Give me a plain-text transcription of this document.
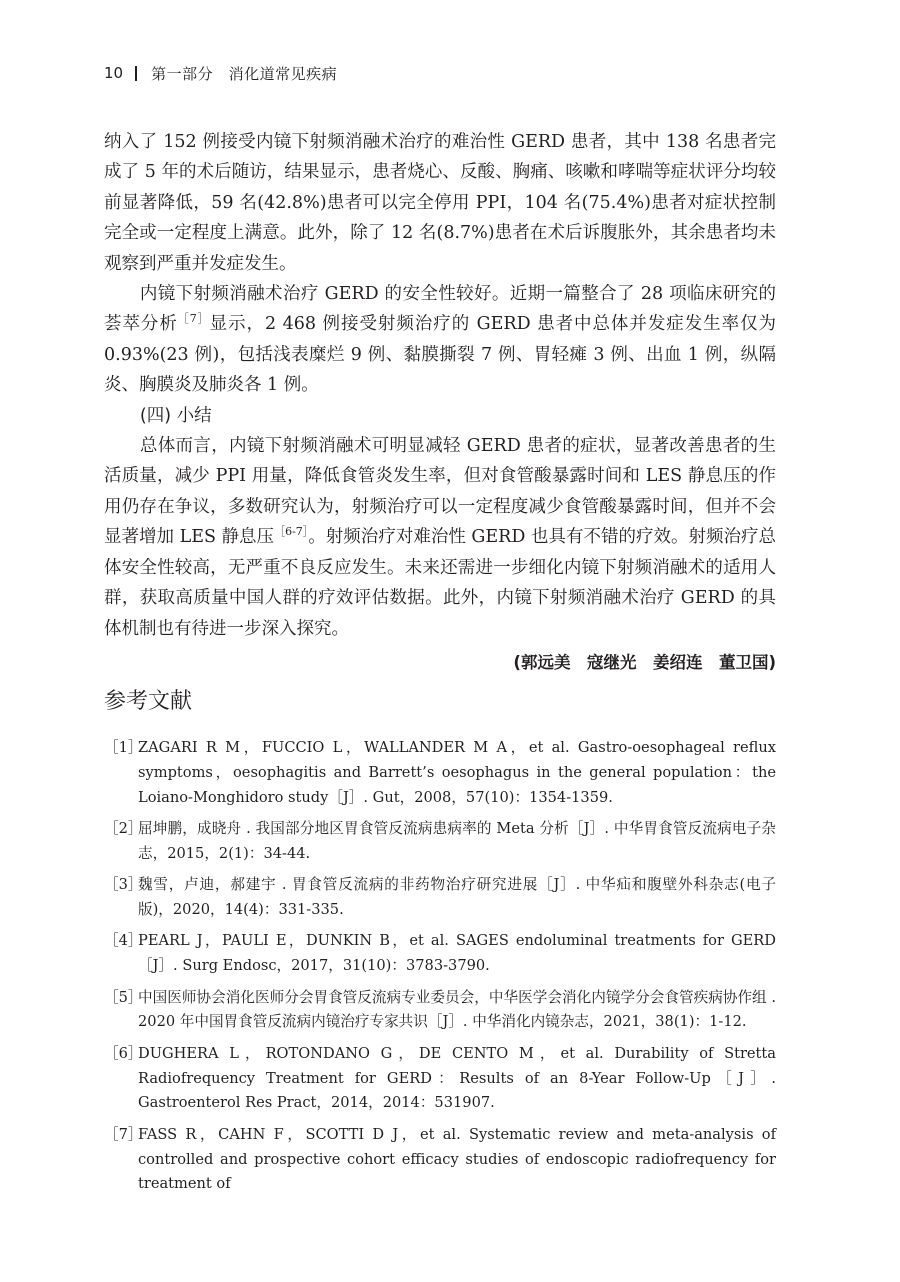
10 第一部分　消化道常见疾病

纳入了 152 例接受内镜下射频消融术治疗的难治性 GERD 患者，其中 138 名患者完成了 5 年的术后随访，结果显示，患者烧心、反酸、胸痛、咳嗽和哮喘等症状评分均较前显著降低，59 名(42.8%)患者可以完全停用 PPI，104 名(75.4%)患者对症状控制完全或一定程度上满意。此外，除了 12 名(8.7%)患者在术后诉腹胀外，其余患者均未观察到严重并发症发生。

内镜下射频消融术治疗 GERD 的安全性较好。近期一篇整合了 28 项临床研究的荟萃分析$^{[7]}$显示，2 468 例接受射频治疗的 GERD 患者中总体并发症发生率仅为 0.93%(23 例)，包括浅表糜烂 9 例、黏膜撕裂 7 例、胃轻瘫 3 例、出血 1 例，纵隔炎、胸膜炎及肺炎各 1 例。

(四) 小结

总体而言，内镜下射频消融术可明显减轻 GERD 患者的症状，显著改善患者的生活质量，减少 PPI 用量，降低食管炎发生率，但对食管酸暴露时间和 LES 静息压的作用仍存在争议，多数研究认为，射频治疗可以一定程度减少食管酸暴露时间，但并不会显著增加 LES 静息压$^{[6-7]}$。射频治疗对难治性 GERD 也具有不错的疗效。射频治疗总体安全性较高，无严重不良反应发生。未来还需进一步细化内镜下射频消融术的适用人群，获取高质量中国人群的疗效评估数据。此外，内镜下射频消融术治疗 GERD 的具体机制也有待进一步深入探究。

(郭远美　寇继光　姜绍连　董卫国)

参考文献
［1］
ZAGARI R M，FUCCIO L，WALLANDER M A，et al. Gastro-oesophageal reflux symptoms，oesophagitis and Barrett’s oesophagus in the general population：the Loiano-Monghidoro study［J］. Gut，2008，57(10)：1354-1359.
［2］
屈坤鹏，成晓舟 . 我国部分地区胃食管反流病患病率的 Meta 分析［J］. 中华胃食管反流病电子杂志，2015，2(1)：34-44.
［3］
魏雪，卢迪，郝建宇 . 胃食管反流病的非药物治疗研究进展［J］. 中华疝和腹壁外科杂志(电子版)，2020，14(4)：331-335.
［4］
PEARL J，PAULI E，DUNKIN B，et al. SAGES endoluminal treatments for GERD［J］. Surg Endosc，2017，31(10)：3783-3790.
［5］
中国医师协会消化医师分会胃食管反流病专业委员会，中华医学会消化内镜学分会食管疾病协作组 . 2020 年中国胃食管反流病内镜治疗专家共识［J］. 中华消化内镜杂志，2021，38(1)：1-12.
［6］
DUGHERA L，ROTONDANO G，DE CENTO M，et al. Durability of Stretta Radiofrequency Treatment for GERD：Results of an 8-Year Follow-Up［J］. Gastroenterol Res Pract，2014，2014：531907.
［7］
FASS R，CAHN F，SCOTTI D J，et al. Systematic review and meta-analysis of controlled and prospective cohort efficacy studies of endoscopic radiofrequency for treatment of
